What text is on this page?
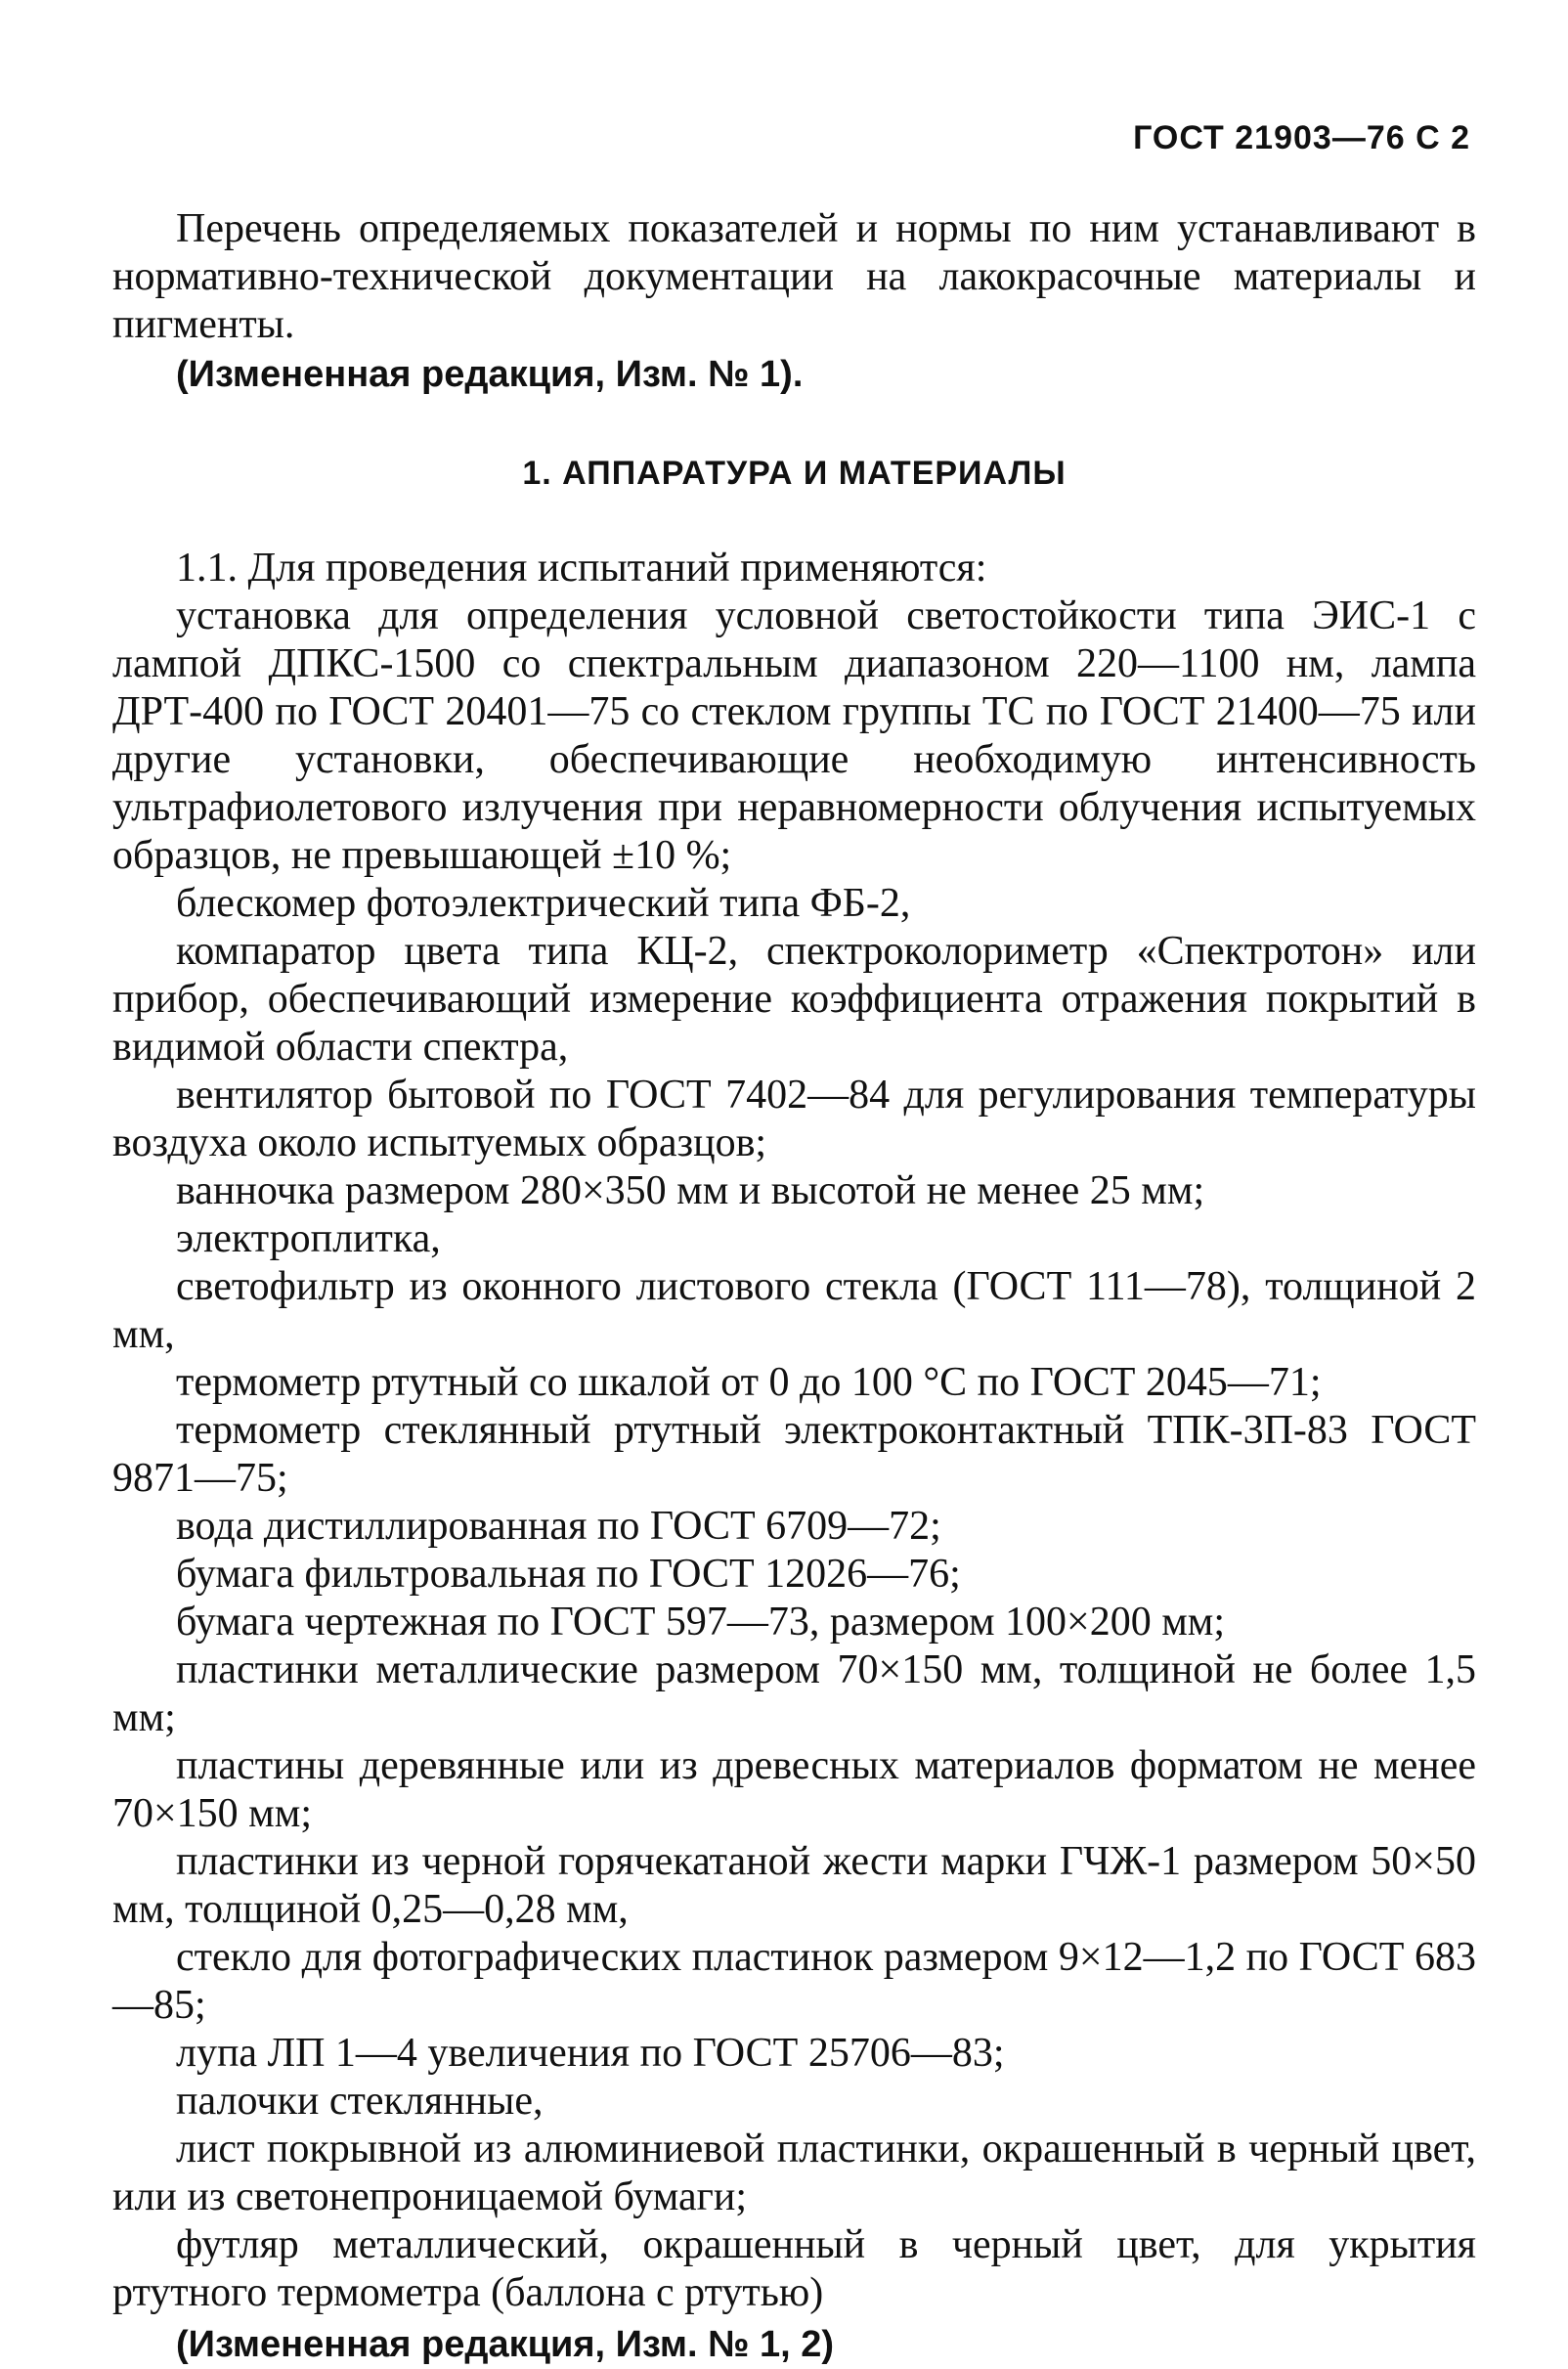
ГОСТ 21903—76 С 2

Перечень определяемых показателей и нормы по ним устанавливают в нормативно-технической документации на лакокрасочные материалы и пигменты.

(Измененная редакция, Изм. № 1).

1. АППАРАТУРА И МАТЕРИАЛЫ

1.1. Для проведения испытаний применяются:

установка для определения условной светостойкости типа ЭИС-1 с лампой ДПКС-1500 со спектральным диапазоном 220—1100 нм, лампа ДРТ-400 по ГОСТ 20401—75 со стеклом группы ТС по ГОСТ 21400—75 или другие установки, обеспечивающие необходимую интенсивность ультрафиолетового излучения при неравномерности облучения испытуемых образцов, не превышающей ±10 %;

блескомер фотоэлектрический типа ФБ-2,

компаратор цвета типа КЦ-2, спектроколориметр «Спектротон» или прибор, обеспечивающий измерение коэффициента отражения покрытий в видимой области спектра,

вентилятор бытовой по ГОСТ 7402—84 для регулирования температуры воздуха около испытуемых образцов;

ванночка размером 280×350 мм и высотой не менее 25 мм;

электроплитка,

светофильтр из оконного листового стекла (ГОСТ 111—78), толщиной 2 мм,

термометр ртутный со шкалой от 0 до 100 °С по ГОСТ 2045—71;

термометр стеклянный ртутный электроконтактный ТПК-3П-83 ГОСТ 9871—75;

вода дистиллированная по ГОСТ 6709—72;

бумага фильтровальная по ГОСТ 12026—76;

бумага чертежная по ГОСТ 597—73, размером 100×200 мм;

пластинки металлические размером 70×150 мм, толщиной не более 1,5 мм;

пластины деревянные или из древесных материалов форматом не менее 70×150 мм;

пластинки из черной горячекатаной жести марки ГЧЖ-1 размером 50×50 мм, толщиной 0,25—0,28 мм,

стекло для фотографических пластинок размером 9×12—1,2 по ГОСТ 683—85;

лупа ЛП 1—4 увеличения по ГОСТ 25706—83;

палочки стеклянные,

лист покрывной из алюминиевой пластинки, окрашенный в черный цвет, или из светонепроницаемой бумаги;

футляр металлический, окрашенный в черный цвет, для укрытия ртутного термометра (баллона с ртутью)

(Измененная редакция, Изм. № 1, 2)
